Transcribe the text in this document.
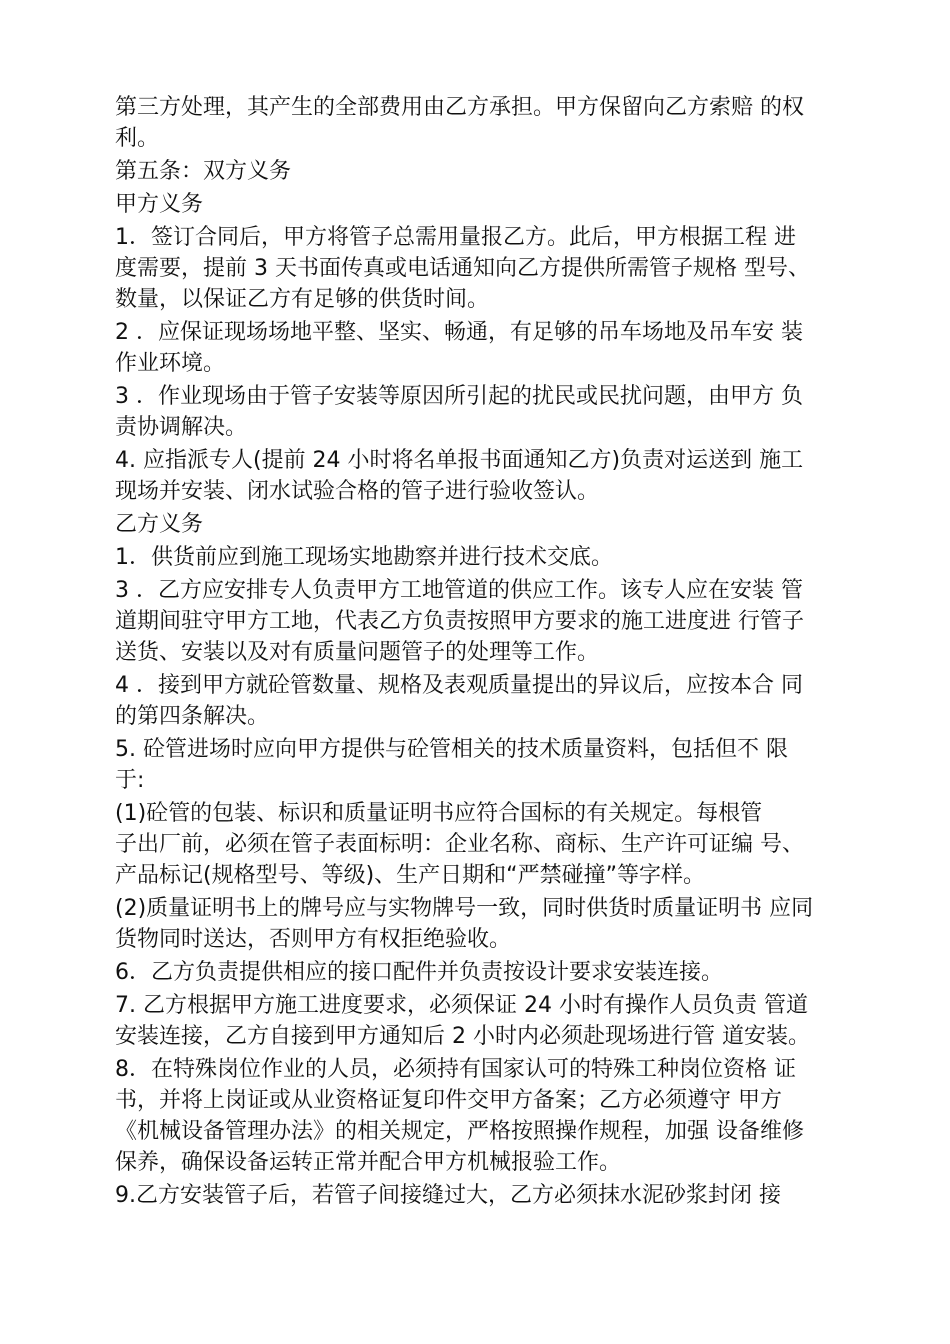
第三方处理，其产生的全部费用由乙方承担。甲方保留向乙方索赔 的权
利。
第五条：双方义务
甲方义务
1．签订合同后，甲方将管子总需用量报乙方。此后，甲方根据工程 进
度需要，提前 3 天书面传真或电话通知向乙方提供所需管子规格 型号、
数量，以保证乙方有足够的供货时间。
2 ．应保证现场场地平整、坚实、畅通，有足够的吊车场地及吊车安 装
作业环境。
3 ．作业现场由于管子安装等原因所引起的扰民或民扰问题，由甲方 负
责协调解决。
4. 应指派专人(提前 24 小时将名单报书面通知乙方)负责对运送到 施工
现场并安装、闭水试验合格的管子进行验收签认。
乙方义务
1．供货前应到施工现场实地勘察并进行技术交底。
3 ．乙方应安排专人负责甲方工地管道的供应工作。该专人应在安装 管
道期间驻守甲方工地，代表乙方负责按照甲方要求的施工进度进 行管子
送货、安装以及对有质量问题管子的处理等工作。
4 ．接到甲方就砼管数量、规格及表观质量提出的异议后，应按本合 同
的第四条解决。
5. 砼管进场时应向甲方提供与砼管相关的技术质量资料，包括但不 限
于:
(1)砼管的包装、标识和质量证明书应符合国标的有关规定。每根管
子出厂前，必须在管子表面标明：企业名称、商标、生产许可证编 号、
产品标记(规格型号、等级)、生产日期和“严禁碰撞”等字样。
(2)质量证明书上的牌号应与实物牌号一致，同时供货时质量证明书 应同
货物同时送达，否则甲方有权拒绝验收。
6．乙方负责提供相应的接口配件并负责按设计要求安装连接。
7. 乙方根据甲方施工进度要求，必须保证 24 小时有操作人员负责 管道
安装连接，乙方自接到甲方通知后 2 小时内必须赴现场进行管 道安装。
8．在特殊岗位作业的人员，必须持有国家认可的特殊工种岗位资格 证
书，并将上岗证或从业资格证复印件交甲方备案；乙方必须遵守 甲方
《机械设备管理办法》的相关规定，严格按照操作规程，加强 设备维修
保养，确保设备运转正常并配合甲方机械报验工作。
9.乙方安装管子后，若管子间接缝过大，乙方必须抹水泥砂浆封闭 接
